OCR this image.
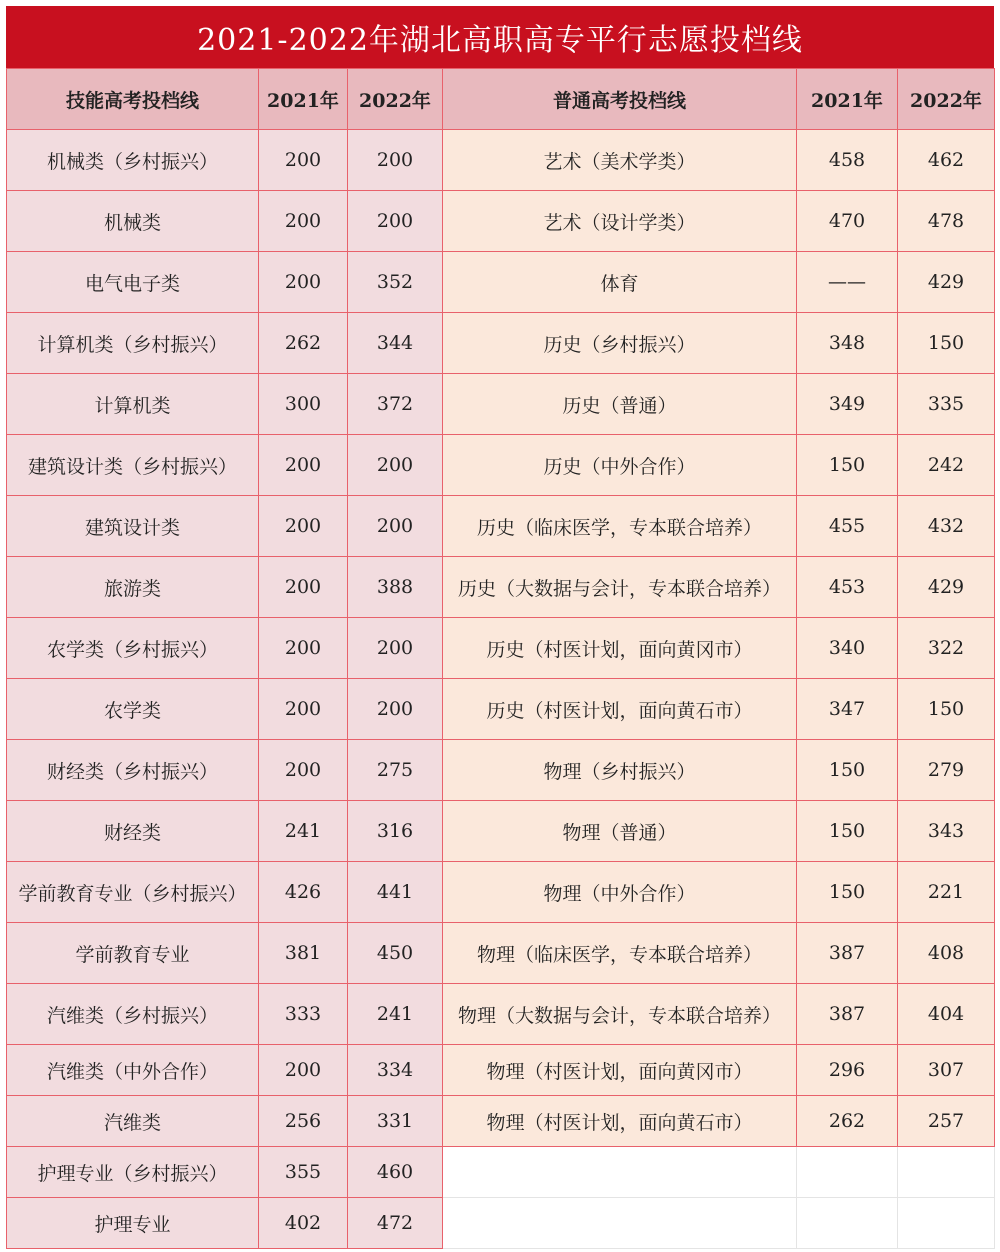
2021-2022年湖北高职高专平行志愿投档线
技能高考投档线	2021年	2022年	普通高考投档线	2021年	2022年
机械类（乡村振兴）	200	200	艺术（美术学类）	458	462
机械类	200	200	艺术（设计学类）	470	478
电气电子类	200	352	体育	——	429
计算机类（乡村振兴）	262	344	历史（乡村振兴）	348	150
计算机类	300	372	历史（普通）	349	335
建筑设计类（乡村振兴）	200	200	历史（中外合作）	150	242
建筑设计类	200	200	历史（临床医学，专本联合培养）	455	432
旅游类	200	388	历史（大数据与会计，专本联合培养）	453	429
农学类（乡村振兴）	200	200	历史（村医计划，面向黄冈市）	340	322
农学类	200	200	历史（村医计划，面向黄石市）	347	150
财经类（乡村振兴）	200	275	物理（乡村振兴）	150	279
财经类	241	316	物理（普通）	150	343
学前教育专业（乡村振兴）	426	441	物理（中外合作）	150	221
学前教育专业	381	450	物理（临床医学，专本联合培养）	387	408
汽维类（乡村振兴）	333	241	物理（大数据与会计，专本联合培养）	387	404
汽维类（中外合作）	200	334	物理（村医计划，面向黄冈市）	296	307
汽维类	256	331	物理（村医计划，面向黄石市）	262	257
护理专业（乡村振兴）	355	460			
护理专业	402	472			
